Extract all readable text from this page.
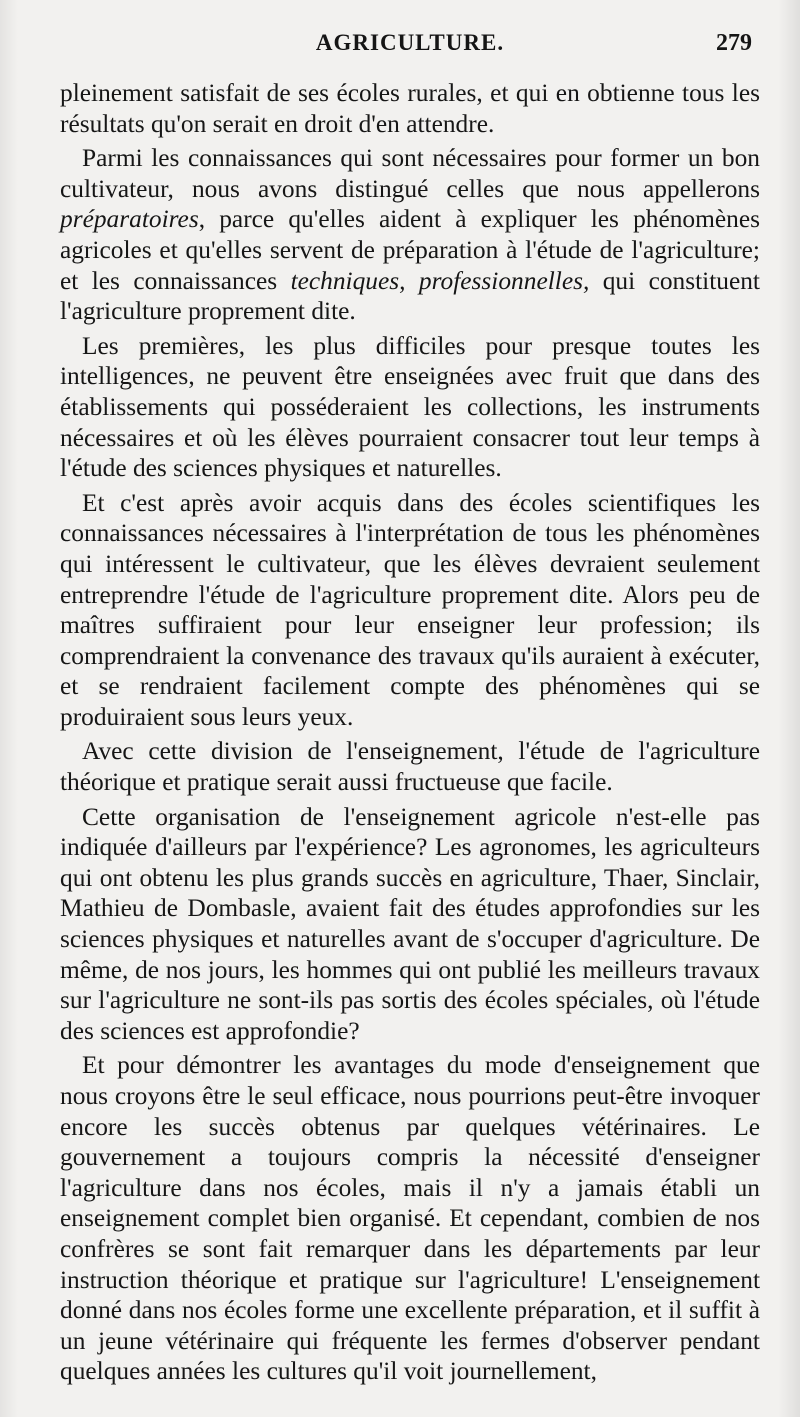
AGRICULTURE.	279

pleinement satisfait de ses écoles rurales, et qui en obtienne tous les résultats qu'on serait en droit d'en attendre.

Parmi les connaissances qui sont nécessaires pour former un bon cultivateur, nous avons distingué celles que nous appellerons préparatoires, parce qu'elles aident à expliquer les phénomènes agricoles et qu'elles servent de préparation à l'étude de l'agriculture; et les connaissances techniques, professionnelles, qui constituent l'agriculture proprement dite.

Les premières, les plus difficiles pour presque toutes les intelligences, ne peuvent être enseignées avec fruit que dans des établissements qui posséderaient les collections, les instruments nécessaires et où les élèves pourraient consacrer tout leur temps à l'étude des sciences physiques et naturelles.

Et c'est après avoir acquis dans des écoles scientifiques les connaissances nécessaires à l'interprétation de tous les phénomènes qui intéressent le cultivateur, que les élèves devraient seulement entreprendre l'étude de l'agriculture proprement dite. Alors peu de maîtres suffiraient pour leur enseigner leur profession; ils comprendraient la convenance des travaux qu'ils auraient à exécuter, et se rendraient facilement compte des phénomènes qui se produiraient sous leurs yeux.

Avec cette division de l'enseignement, l'étude de l'agriculture théorique et pratique serait aussi fructueuse que facile.

Cette organisation de l'enseignement agricole n'est-elle pas indiquée d'ailleurs par l'expérience? Les agronomes, les agriculteurs qui ont obtenu les plus grands succès en agriculture, Thaer, Sinclair, Mathieu de Dombasle, avaient fait des études approfondies sur les sciences physiques et naturelles avant de s'occuper d'agriculture. De même, de nos jours, les hommes qui ont publié les meilleurs travaux sur l'agriculture ne sont-ils pas sortis des écoles spéciales, où l'étude des sciences est approfondie?

Et pour démontrer les avantages du mode d'enseignement que nous croyons être le seul efficace, nous pourrions peut-être invoquer encore les succès obtenus par quelques vétérinaires. Le gouvernement a toujours compris la nécessité d'enseigner l'agriculture dans nos écoles, mais il n'y a jamais établi un enseignement complet bien organisé. Et cependant, combien de nos confrères se sont fait remarquer dans les départements par leur instruction théorique et pratique sur l'agriculture! L'enseignement donné dans nos écoles forme une excellente préparation, et il suffit à un jeune vétérinaire qui fréquente les fermes d'observer pendant quelques années les cultures qu'il voit journellement,
